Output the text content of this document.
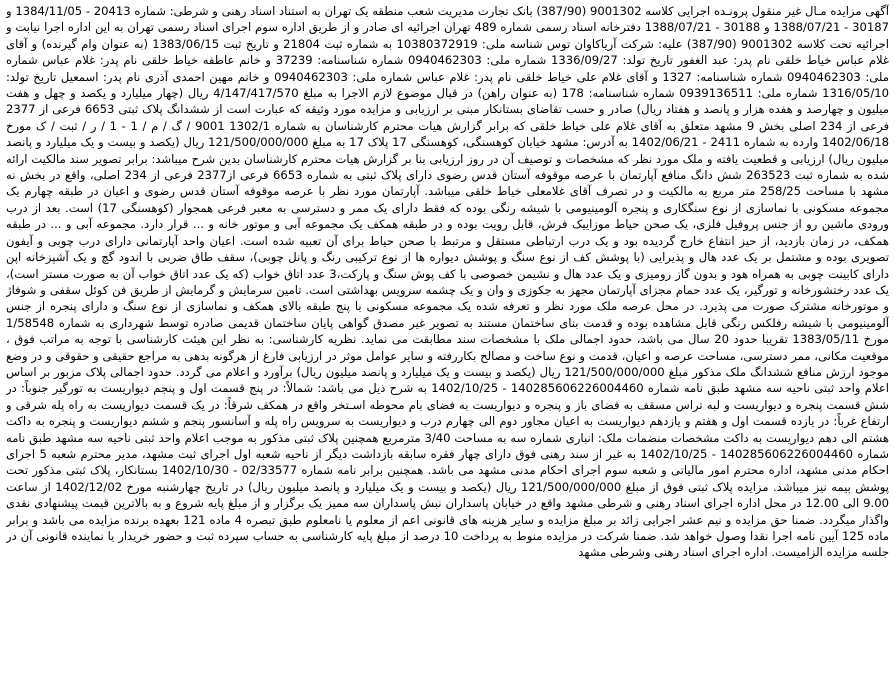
آگهی مزایده مـال غیر منقول پرونـده اجرایی کلاسه 9001302 (387/90) بانک تجارت مدیریت شعب منطقه یک تهران به استناد اسناد رهنی و شرطی: شماره 20413 - 1384/11/05 و 30187 - 1388/07/21 و 30188 - 1388/07/21 دفترخانه اسناد رسمی شماره 489 تهران اجرائیه ای صادر و از طریق اداره سوم اجرای اسناد رسمی تهران به این اداره اجرا نیابت و اجرائیه تحت کلاسه 9001302 (387/90) علیه: شرکت آریاکاوان توس شناسه ملی: 10380372919 به شماره ثبت 21804 و تاریخ ثبت 1383/06/15 (به عنوان وام گیرنده) و آقای غلام عباس خیاط خلقی نام پدر: عبد الغفور تاریخ تولد: 1336/09/27 شماره ملی: 0940462303 شماره شناسنامه: 37239 و خانم عاطفه خیاط خلقی نام پدر: غلام عباس شماره ملی: 0940462303 شماره شناسنامه: 1327 و آقای غلام علی خیاط خلقی نام پدر: غلام عباس شماره ملی: 0940462303 و خانم مهین احمدی آذری نام پدر: اسمعیل تاریخ تولد: 1316/05/10 شماره ملی: 0939136511 شماره شناسنامه: 178 (به عنوان راهن) در قبال موضوع لازم الاجرا به مبلغ 4/147/417/570 ریال (چهار میلیارد و یکصد و چهل و هفت میلیون و چهارصد و هفده هزار و پانصد و هفتاد ریال) صادر و حسب تقاضای بستانکار مبنی بر ارزیابی و مزایده مورد وثیقه که عبارت است از ششدانگ پلاک ثبتی 6653 فرعی از 2377 فرعی از 234 اصلی بخش 9 مشهد متعلق به آقای غلام علی خیاط خلقی که برابر گزارش هیات محترم کارشناسان به شماره 1302/1 9001 / گ / م / 1 - 1 / ر / ثبت / ک مورخ 1402/06/18 وارده به شماره 2411 - 1402/06/21 به آدرس: مشهد خیابان کوهسنگی، کوهسنگی 17 پلاک 17 به مبلغ 121/500/000/000 ریال (یکصد و بیست و یک میلیارد و پانصد میلیون ریال) ارزیابی و قطعیت یافته و ملک مورد نظر که مشخصات و توصیف آن در روز ارزیابی بنا بر گزارش هیات محترم کارشناسان بدین شرح میباشد: برابر تصویر سند مالکیت ارائه شده به شماره ثبت 263523 شش دانگ منافع آپارتمان با عرصه موقوفه آستان قدس رضوی دارای پلاک ثبتی به شماره 6653 فرعی از2377 فرعی از 234 اصلی، واقع در بخش نه مشهد با مساحت 258/25 متر مربع به مالکیت و در تصرف آقای غلامعلی خیاط خلقی میباشد. آپارتمان مورد نظر با عرصه موقوفه آستان قدس رضوی و اعیان در طبقه چهارم یک مجموعه مسکونی با نماسازی از نوع سنگکاری و پنجره آلومینیومی با شیشه رنگی بوده که فقط دارای یک ممر و دسترسی به معبر فرعی همجوار (کوهسنگی 17) است. بعد از درب ورودی ماشین رو از جنس پروفیل فلزی، یک صحن حیاط موزاییک فرش، قابل رویت بوده و در طبقه همکف یک مجموعه آبی و موتور خانه و ... قرار دارد. مجموعه آبی و ... در طبقه همکف، در زمان بازدید، از حیز انتفاع خارج گردیده بود و یک درب ارتباطی مستقل و مرتبط با صحن حیاط برای آن تعبیه شده است. اعیان واحد آپارتمانی دارای درب چوبی و آیفون تصویری بوده و مشتمل بر یک عدد هال و پذیرایی (با پوشش کف از نوع سنگ و پوشش دیواره ها از نوع ترکیبی رنگ و پانل چوبی)، سقف طاق ضربی با اندود گچ و یک آشپزخانه اپن دارای کابینت چوبی به همراه هود و بدون گاز رومیزی و یک عدد هال و نشیمن خصوصی با کف پوش سنگ و پارکت،3 عدد اتاق خواب (که یک عدد اتاق خواب آن به صورت مستر است)، یک عدد رختشورخانه و تورگیر، یک عدد حمام مجزای آپارتمان مجهز به جکوزی و وان و یک چشمه سرویس بهداشتی است. تامین سرمایش و گرمایش از طریق فن کوئل سقفی و شوفاژ و موتورخانه مشترک صورت می پذیرد. در محل عرصه ملک مورد نظر و تعرفه شده یک مجموعه مسکونی با پنج طبقه بالای همکف و نماسازی از نوع سنگ و دارای پنجره از جنس آلومینیومی با شیشه رفلکس رنگی قابل مشاهده بوده و قدمت بنای ساختمان مستند به تصویر غیر مصدق گواهی پایان ساختمان قدیمی صادره توسط شهرداری به شماره 1/58548 مورخ 1383/05/11 تقریبا حدود 20 سال می باشد، حدود اجمالی ملک با مشخصات سند مطابقت می نماید. نظریه کارشناسی: به نظر این هیئت کارشناسی با توجه به مراتب فوق ، موقعیت مکانی، ممر دسترسی، مساحت عرصه و اعیان، قدمت و نوع ساخت و مصالح بکاررفته و سایر عوامل موثر در ارزیابی فارغ از هرگونه بدهی به مراجع حقیقی و حقوقی و در وضع موجود ارزش منافع ششدانگ ملک مذکور مبلغ 121/500/000/000 ریال (یکصد و بیست و یک میلیارد و پانصد میلیون ریال) برآورد و اعلام می گردد. حدود اجمالی پلاک مزبور بر اساس اعلام واحد ثبتی ناحیه سه مشهد طبق نامه شماره 140285606226004460 - 1402/10/25 به شرح ذیل می باشد: شمالاً: در پنج قسمت اول و پنجم دیواریست به تورگیر جنوباً: در شش قسمت پنجره و دیواریست و لبه تراس مسقف به فضای باز و پنجره و دیواریست به فضای بام محوطه اسـتخر واقع در همکف شرقاً: در یک قسمت دیواریست به راه پله شرقی و ارتفاع غرباً: در یازده قسمت اول و هفتم و یازدهم دیواریست به اعیان مجاور دوم الی چهارم درب و دیواریست به سرویس راه پله و آسانسور پنجم و ششم دیواریست و پنجره به داکت هشتم الی دهم دیواریست به داکت مشخصات منضمات ملک: انباری شماره سه به مساحت 3/40 مترمربع همچنین پلاک ثبتی مذکور به موجب اعلام واحد ثبتی ناحیه سه مشهد طبق نامه شماره 140285606226004460 - 1402/10/25 به غیر از سند رهنی فوق دارای چهار فقره سابقه بازداشت دیگر از ناحیه شعبه اول اجرای ثبت مشهد، مدیر محترم شعبه 5 اجرای احکام مدنی مشهد، اداره محترم امور مالیاتی و شعبه سوم اجرای احکام مدنی مشهد می باشد. همچنین برابر نامه شماره 02/33577 - 1402/10/30 بستانکار، پلاک ثبتی مذکور تحت پوشش بیمه نیز میباشد. مزایده پلاک ثبتی فوق از مبلغ 121/500/000/000 ریال (یکصد و بیست و یک میلیارد و پانصد میلیون ریال) در تاریخ چهارشنبه مورخ 1402/12/02 از ساعت 9.00 الی 12.00 در محل اداره اجرای اسناد رهنی و شرطی مشهد واقع در خیابان پاسداران نبش پاسداران سه ممیز یک برگزار و از مبلغ پایه شروع و به بالاترین قیمت پیشنهادی نقدی واگذار میگردد. ضمنا حق مزایده و نیم عشر اجرایی زائد بر مبلغ مزایده و سایر هزینه های قانونی اعم از معلوم یا نامعلوم طبق تبصره 4 ماده 121 بعهده برنده مزایده می باشد و برابر ماده 125 آیین نامه اجرا نقدا وصول خواهد شد. ضمنا شرکت در مزایده منوط به پرداخت 10 درصد از مبلغ پایه کارشناسی به حساب سپرده ثبت و حضور خریدار یا نماینده قانونی آن در جلسه مزایده الزامیست. اداره اجرای اسناد رهنی وشرطی مشهد
